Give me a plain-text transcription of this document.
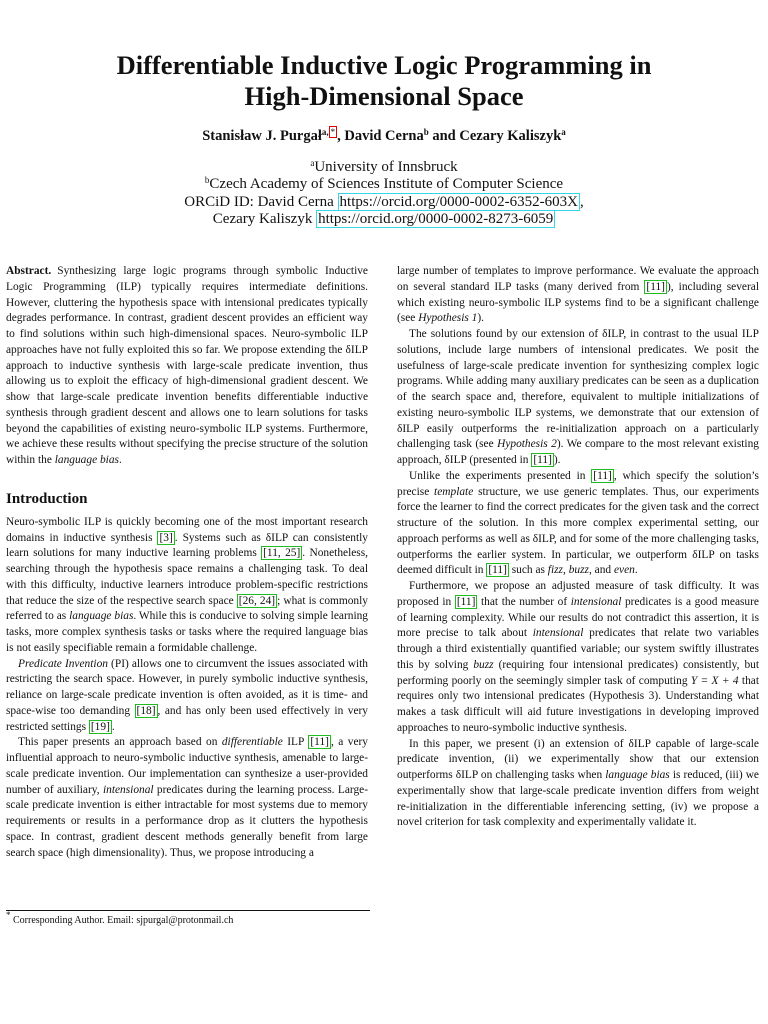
Differentiable Inductive Logic Programming in
High-Dimensional Space
Stanisław J. Purgał$^{a,}$ * , David Cerna$^b$ and Cezary Kaliszyk$^a$
$^a$University of Innsbruck
$^b$Czech Academy of Sciences Institute of Computer Science
ORCiD ID: David Cerna https://orcid.org/0000-0002-6352-603X ,
Cezary Kaliszyk https://orcid.org/0000-0002-8273-6059

Abstract. Synthesizing large logic programs through symbolic Inductive Logic Programming (ILP) typically requires intermediate definitions. However, cluttering the hypothesis space with intensional predicates typically degrades performance. In contrast, gradient descent provides an efficient way to find solutions within such high-dimensional spaces. Neuro-symbolic ILP approaches have not fully exploited this so far. We propose extending the δILP approach to inductive synthesis with large-scale predicate invention, thus allowing us to exploit the efficacy of high-dimensional gradient descent. We show that large-scale predicate invention benefits differentiable inductive synthesis through gradient descent and allows one to learn solutions for tasks beyond the capabilities of existing neuro-symbolic ILP systems. Furthermore, we achieve these results without specifying the precise structure of the solution within the language bias.

Introduction

Neuro-symbolic ILP is quickly becoming one of the most important research domains in inductive synthesis [3] . Systems such as δILP can consistently learn solutions for many inductive learning problems [11, 25] . Nonetheless, searching through the hypothesis space remains a challenging task. To deal with this difficulty, inductive learners introduce problem-specific restrictions that reduce the size of the respective search space [26, 24] ; what is commonly referred to as language bias. While this is conducive to solving simple learning tasks, more complex synthesis tasks or tasks where the required language bias is not easily specifiable remain a formidable challenge.

Predicate Invention (PI) allows one to circumvent the issues associated with restricting the search space. However, in purely symbolic inductive synthesis, reliance on large-scale predicate invention is often avoided, as it is time- and space-wise too demanding [18] , and has only been used effectively in very restricted settings [19] .

This paper presents an approach based on differentiable ILP [11] , a very influential approach to neuro-symbolic inductive synthesis, amenable to large-scale predicate invention. Our implementation can synthesize a user-provided number of auxiliary, intensional predicates during the learning process. Large-scale predicate invention is either intractable for most systems due to memory requirements or results in a performance drop as it clutters the hypothesis space. In contrast, gradient descent methods generally benefit from large search space (high dimensionality). Thus, we propose introducing a

large number of templates to improve performance. We evaluate the approach on several standard ILP tasks (many derived from [11] ), including several which existing neuro-symbolic ILP systems find to be a significant challenge (see Hypothesis 1).

The solutions found by our extension of δILP, in contrast to the usual ILP solutions, include large numbers of intensional predicates. We posit the usefulness of large-scale predicate invention for synthesizing complex logic programs. While adding many auxiliary predicates can be seen as a duplication of the search space and, therefore, equivalent to multiple initializations of existing neuro-symbolic ILP systems, we demonstrate that our extension of δILP easily outperforms the re-initialization approach on a particularly challenging task (see Hypothesis 2). We compare to the most relevant existing approach, δILP (presented in [11] ).

Unlike the experiments presented in [11] , which specify the solution’s precise template structure, we use generic templates. Thus, our experiments force the learner to find the correct predicates for the given task and the correct structure of the solution. In this more complex experimental setting, our approach performs as well as δILP, and for some of the more challenging tasks, outperforms the earlier system. In particular, we outperform δILP on tasks deemed difficult in [11] such as fizz, buzz, and even.

Furthermore, we propose an adjusted measure of task difficulty. It was proposed in [11] that the number of intensional predicates is a good measure of learning complexity. While our results do not contradict this assertion, it is more precise to talk about intensional predicates that relate two variables through a third existentially quantified variable; our system swiftly illustrates this by solving buzz (requiring four intensional predicates) consistently, but performing poorly on the seemingly simpler task of computing Y = X + 4 that requires only two intensional predicates (Hypothesis 3). Understanding what makes a task difficult will aid future investigations in developing improved approaches to neuro-symbolic inductive synthesis.

In this paper, we present (i) an extension of δILP capable of large-scale predicate invention, (ii) we experimentally show that our extension outperforms δILP on challenging tasks when language bias is reduced, (iii) we experimentally show that large-scale predicate invention differs from weight re-initialization in the differentiable inferencing setting, (iv) we propose a novel criterion for task complexity and experimentally validate it.

* Corresponding Author. Email: sjpurgal@protonmail.ch
